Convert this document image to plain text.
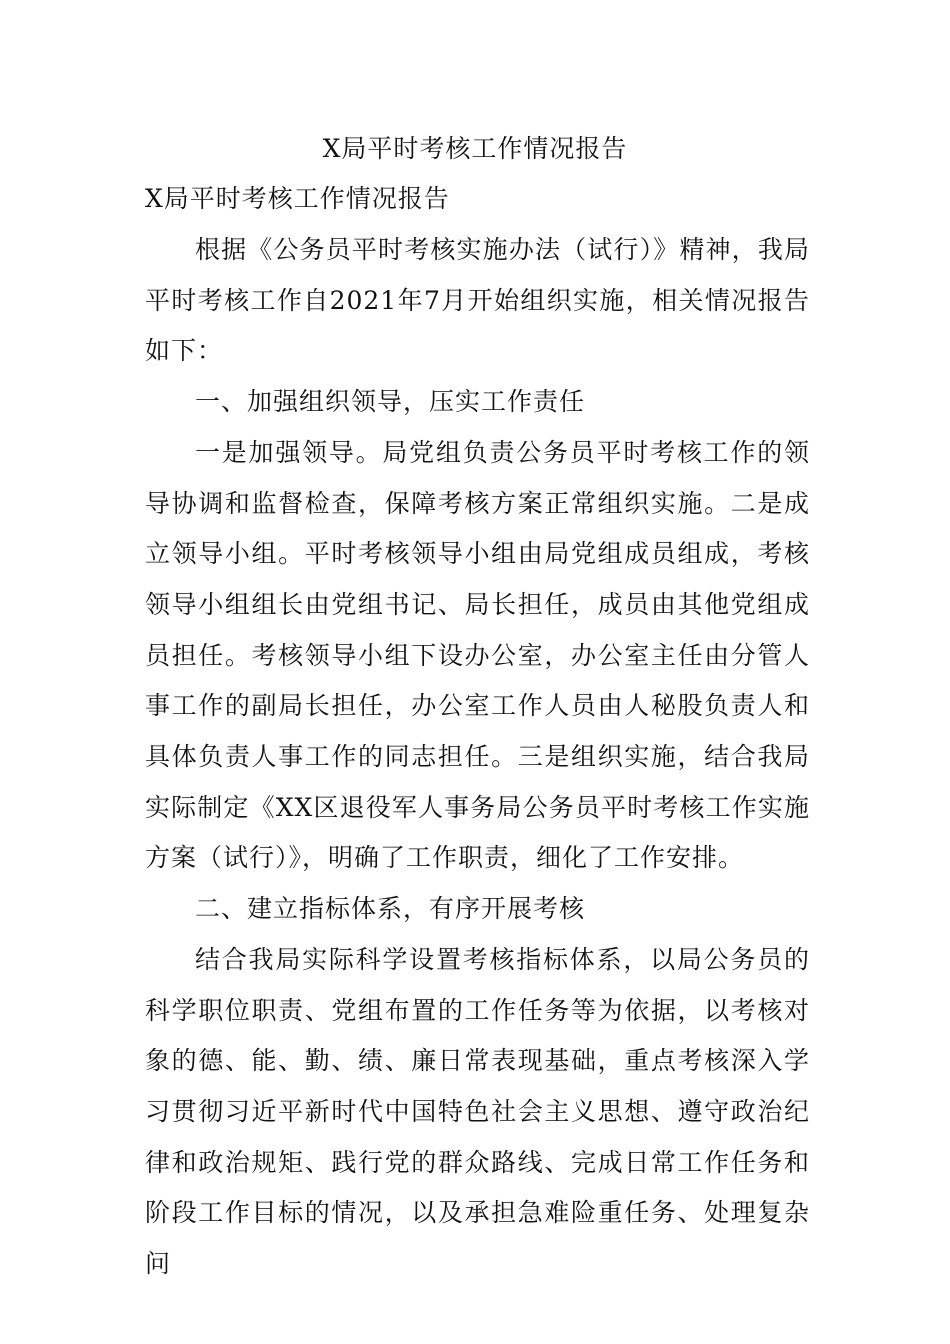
X局平时考核工作情况报告
X局平时考核工作情况报告

根据《公务员平时考核实施办法（试行）》精神，我局平时考核工作自2021年7月开始组织实施，相关情况报告如下：

一、加强组织领导，压实工作责任

一是加强领导。局党组负责公务员平时考核工作的领导协调和监督检查，保障考核方案正常组织实施。二是成立领导小组。平时考核领导小组由局党组成员组成，考核领导小组组长由党组书记、局长担任，成员由其他党组成员担任。考核领导小组下设办公室，办公室主任由分管人事工作的副局长担任，办公室工作人员由人秘股负责人和具体负责人事工作的同志担任。三是组织实施，结合我局实际制定《XX区退役军人事务局公务员平时考核工作实施方案（试行）》，明确了工作职责，细化了工作安排。

二、建立指标体系，有序开展考核

结合我局实际科学设置考核指标体系，以局公务员的科学职位职责、党组布置的工作任务等为依据，以考核对象的德、能、勤、绩、廉日常表现基础，重点考核深入学习贯彻习近平新时代中国特色社会主义思想、遵守政治纪律和政治规矩、践行党的群众路线、完成日常工作任务和阶段工作目标的情况，以及承担急难险重任务、处理复杂问
